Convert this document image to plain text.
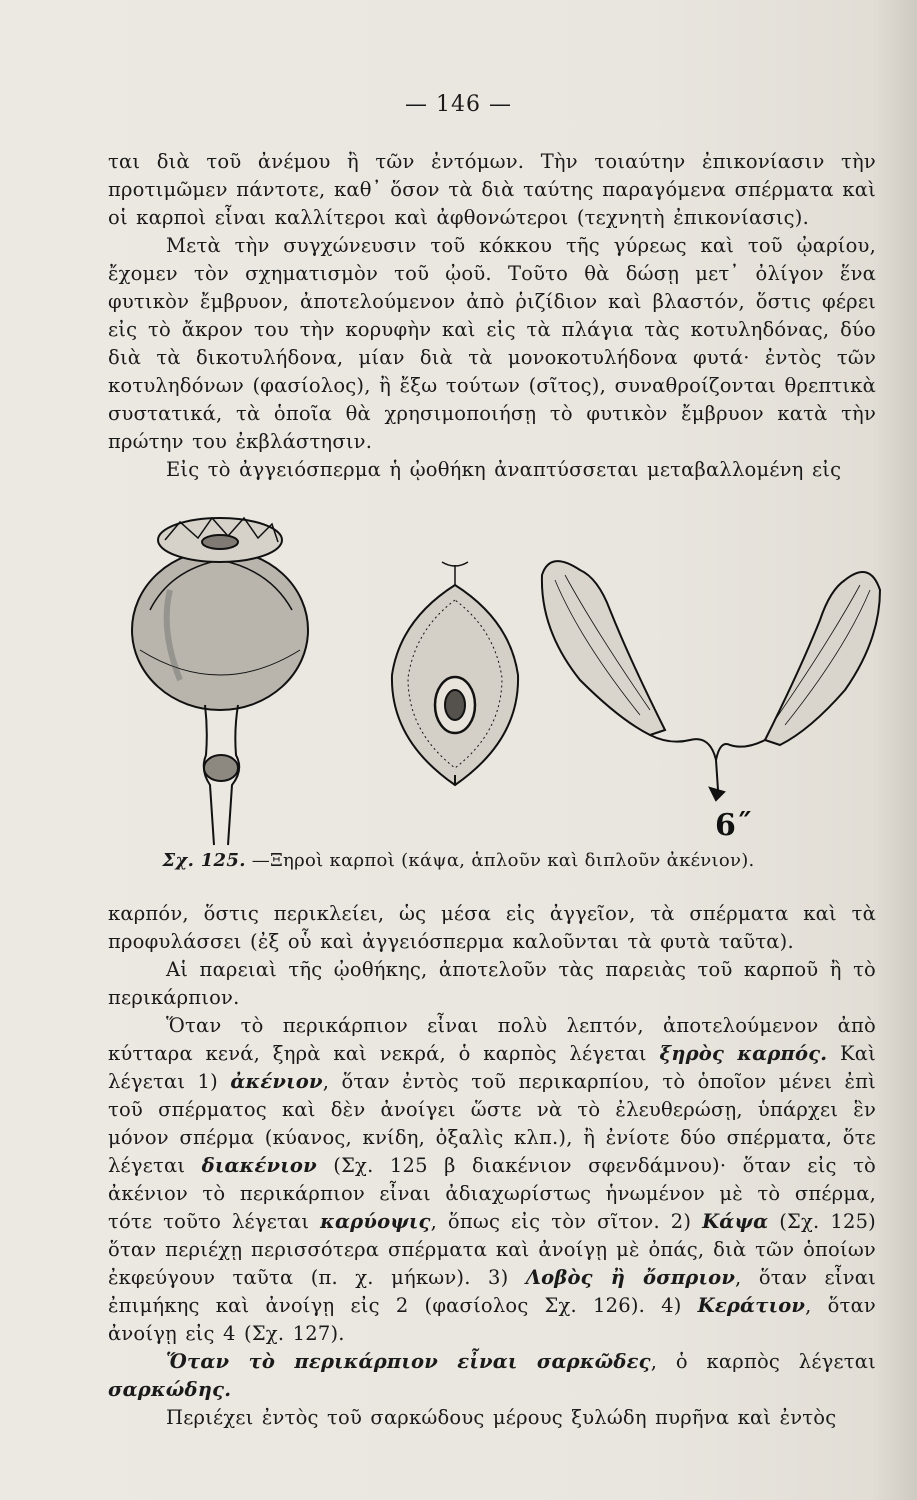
— 146 —

ται διὰ τοῦ ἀνέμου ἢ τῶν ἐντόμων. Τὴν τοιαύτην ἐπικονίασιν τὴν προτιμῶμεν πάντοτε, καθ᾽ ὅσον τὰ διὰ ταύτης παραγόμενα σπέρματα καὶ οἱ καρποὶ εἶναι καλλίτεροι καὶ ἀφθονώτεροι (τεχνητὴ ἐπικονίασις).

Μετὰ τὴν συγχώνευσιν τοῦ κόκκου τῆς γύρεως καὶ τοῦ ᾠαρίου, ἔχομεν τὸν σχηματισμὸν τοῦ ᾠοῦ. Τοῦτο θὰ δώσῃ μετ᾽ ὀλίγον ἕνα φυτικὸν ἔμβρυον, ἀποτελούμενον ἀπὸ ῥιζίδιον καὶ βλαστόν, ὅστις φέρει εἰς τὸ ἄκρον του τὴν κορυφὴν καὶ εἰς τὰ πλάγια τὰς κοτυληδόνας, δύο διὰ τὰ δικοτυλήδονα, μίαν διὰ τὰ μονοκοτυλήδονα φυτά· ἐντὸς τῶν κοτυληδόνων (φασίολος), ἢ ἔξω τούτων (σῖτος), συναθροίζονται θρεπτικὰ συστατικά, τὰ ὁποῖα θὰ χρησιμοποιήσῃ τὸ φυτικὸν ἔμβρυον κατὰ τὴν πρώτην του ἐκβλάστησιν.

Εἰς τὸ ἀγγειόσπερμα ἡ ᾠοθήκη ἀναπτύσσεται μεταβαλλομένη εἰς

6˝
Σχ. 125. —Ξηροὶ καρποὶ (κάψα, ἁπλοῦν καὶ διπλοῦν ἀκένιον).

καρπόν, ὅστις περικλείει, ὡς μέσα εἰς ἀγγεῖον, τὰ σπέρματα καὶ τὰ προφυλάσσει (ἐξ οὗ καὶ ἀγγειόσπερμα καλοῦνται τὰ φυτὰ ταῦτα).

Αἱ παρειαὶ τῆς ᾠοθήκης, ἀποτελοῦν τὰς παρειὰς τοῦ καρποῦ ἢ τὸ περικάρπιον.

Ὅταν τὸ περικάρπιον εἶναι πολὺ λεπτόν, ἀποτελούμενον ἀπὸ κύτταρα κενά, ξηρὰ καὶ νεκρά, ὁ καρπὸς λέγεται ξηρὸς καρπός. Καὶ λέγεται 1) ἀκένιον, ὅταν ἐντὸς τοῦ περικαρπίου, τὸ ὁποῖον μένει ἐπὶ τοῦ σπέρματος καὶ δὲν ἀνοίγει ὥστε νὰ τὸ ἐλευθερώσῃ, ὑπάρχει ἓν μόνον σπέρμα (κύανος, κνίδη, ὀξαλὶς κλπ.), ἢ ἐνίοτε δύο σπέρματα, ὅτε λέγεται διακένιον (Σχ. 125 β διακένιον σφενδάμνου)· ὅταν εἰς τὸ ἀκένιον τὸ περικάρπιον εἶναι ἀδιαχωρίστως ἡνωμένον μὲ τὸ σπέρμα, τότε τοῦτο λέγεται καρύοψις, ὅπως εἰς τὸν σῖτον. 2) Κάψα (Σχ. 125) ὅταν περιέχῃ περισσότερα σπέρματα καὶ ἀνοίγῃ μὲ ὀπάς, διὰ τῶν ὁποίων ἐκφεύγουν ταῦτα (π. χ. μήκων). 3) Λοβὸς ἢ ὄσπριον, ὅταν εἶναι ἐπιμήκης καὶ ἀνοίγῃ εἰς 2 (φασίολος Σχ. 126). 4) Κεράτιον, ὅταν ἀνοίγῃ εἰς 4 (Σχ. 127).

Ὅταν τὸ περικάρπιον εἶναι σαρκῶδες, ὁ καρπὸς λέγεται σαρκώδης.

Περιέχει ἐντὸς τοῦ σαρκώδους μέρους ξυλώδη πυρῆνα καὶ ἐντὸς
